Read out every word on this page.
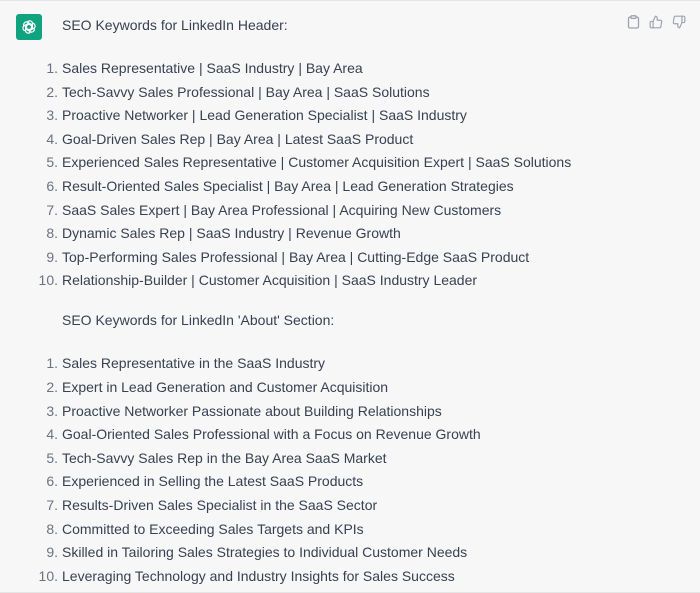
SEO Keywords for LinkedIn Header:

1. Sales Representative | SaaS Industry | Bay Area
2. Tech-Savvy Sales Professional | Bay Area | SaaS Solutions
3. Proactive Networker | Lead Generation Specialist | SaaS Industry
4. Goal-Driven Sales Rep | Bay Area | Latest SaaS Product
5. Experienced Sales Representative | Customer Acquisition Expert | SaaS Solutions
6. Result-Oriented Sales Specialist | Bay Area | Lead Generation Strategies
7. SaaS Sales Expert | Bay Area Professional | Acquiring New Customers
8. Dynamic Sales Rep | SaaS Industry | Revenue Growth
9. Top-Performing Sales Professional | Bay Area | Cutting-Edge SaaS Product
10. Relationship-Builder | Customer Acquisition | SaaS Industry Leader

SEO Keywords for LinkedIn 'About' Section:

1. Sales Representative in the SaaS Industry
2. Expert in Lead Generation and Customer Acquisition
3. Proactive Networker Passionate about Building Relationships
4. Goal-Oriented Sales Professional with a Focus on Revenue Growth
5. Tech-Savvy Sales Rep in the Bay Area SaaS Market
6. Experienced in Selling the Latest SaaS Products
7. Results-Driven Sales Specialist in the SaaS Sector
8. Committed to Exceeding Sales Targets and KPIs
9. Skilled in Tailoring Sales Strategies to Individual Customer Needs
10. Leveraging Technology and Industry Insights for Sales Success
